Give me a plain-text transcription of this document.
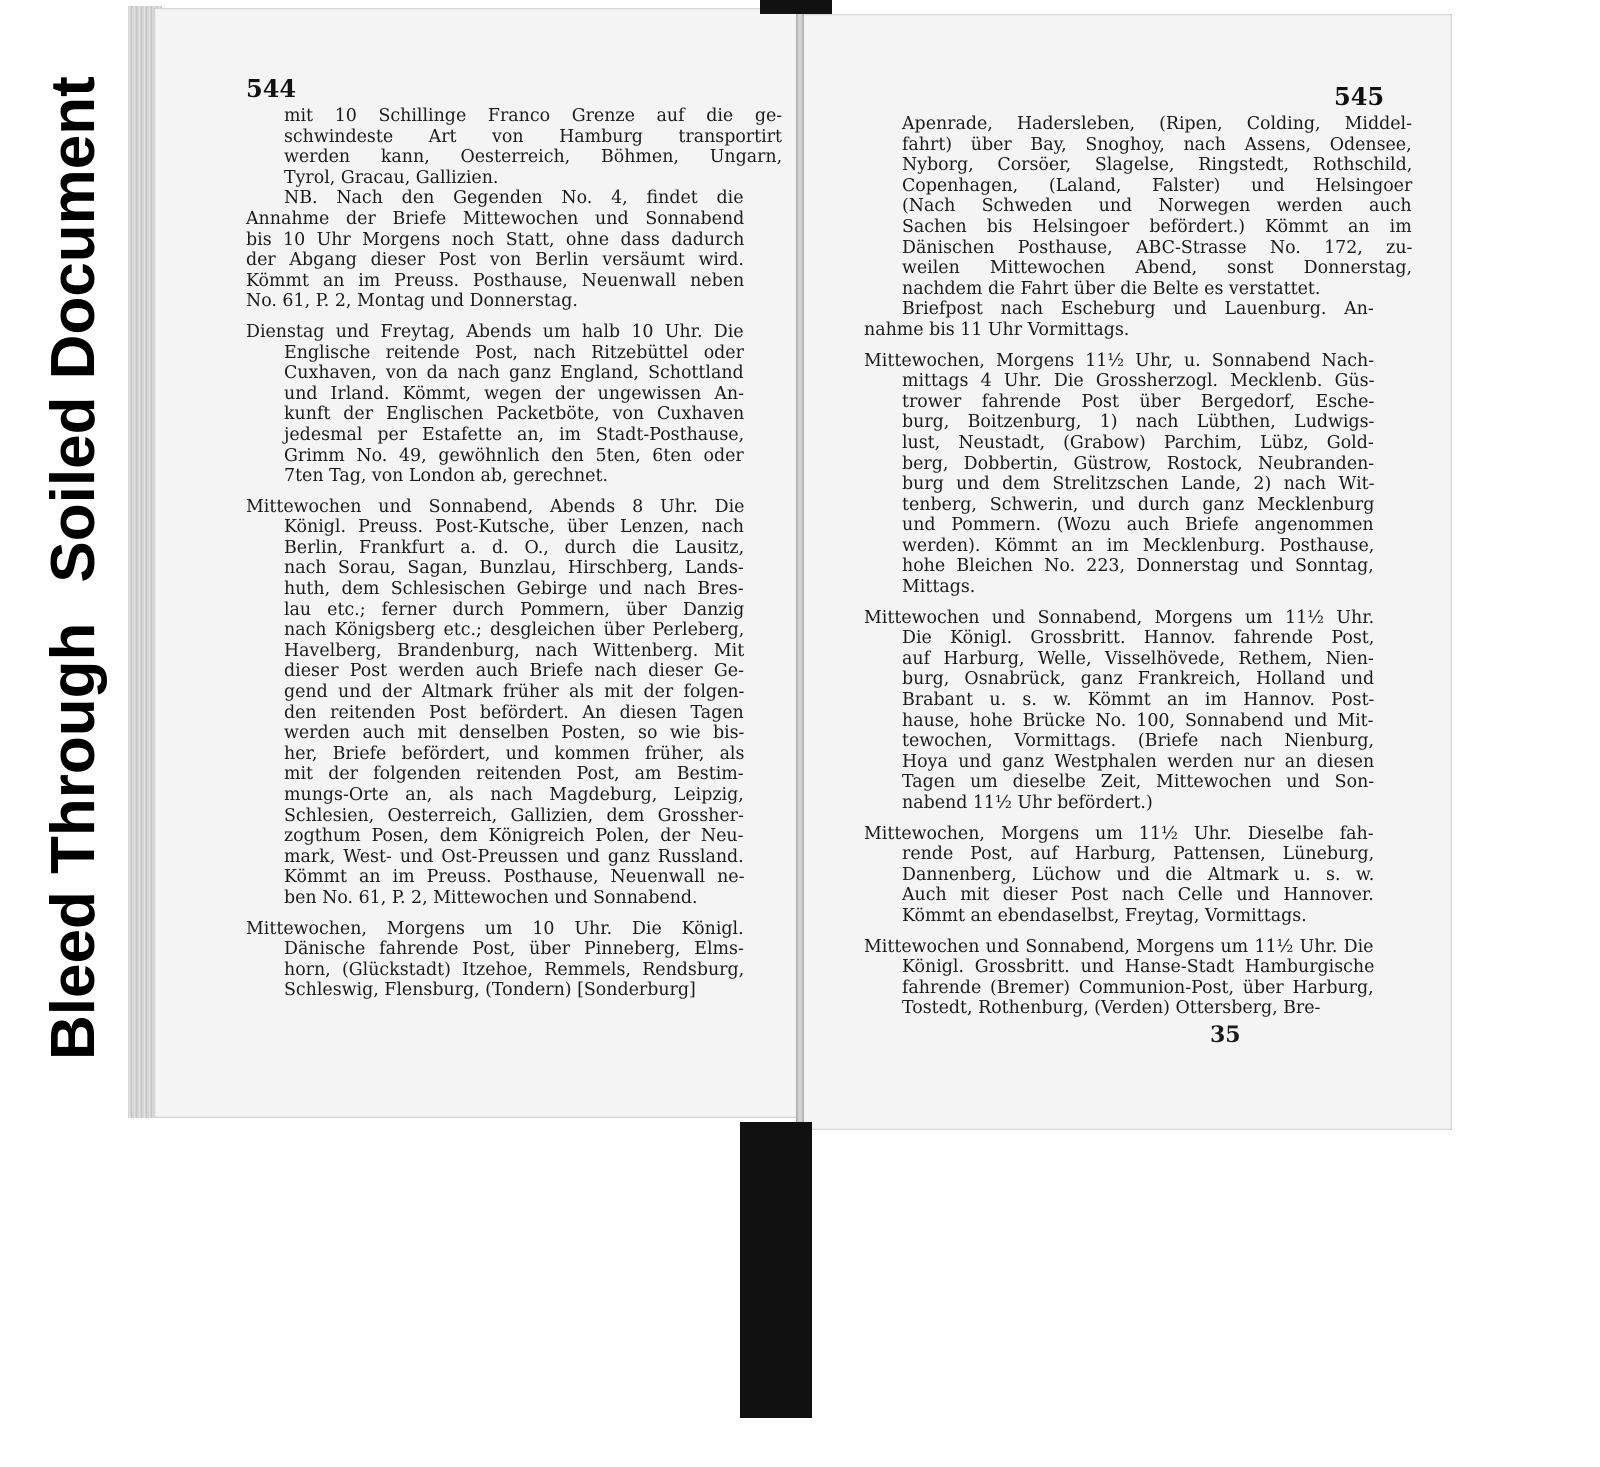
Bleed Through
Soiled Document	544	545
mit 10 Schillinge Franco Grenze auf die ge-
schwindeste Art von Hamburg transportirt
werden kann, Oesterreich, Böhmen, Ungarn,
Tyrol, Gracau, Gallizien.
NB. Nach den Gegenden No. 4, findet die
Annahme der Briefe Mittewochen und Sonnabend
bis 10 Uhr Morgens noch Statt, ohne dass dadurch
der Abgang dieser Post von Berlin versäumt wird.
Kömmt an im Preuss. Posthause, Neuenwall neben
No. 61, P. 2, Montag und Donnerstag.
Dienstag und Freytag, Abends um halb 10 Uhr. Die
Englische reitende Post, nach Ritzebüttel oder
Cuxhaven, von da nach ganz England, Schottland
und Irland. Kömmt, wegen der ungewissen An-
kunft der Englischen Packetböte, von Cuxhaven
jedesmal per Estafette an, im Stadt-Posthause,
Grimm No. 49, gewöhnlich den 5ten, 6ten oder
7ten Tag, von London ab, gerechnet.
Mittewochen und Sonnabend, Abends 8 Uhr. Die
Königl. Preuss. Post-Kutsche, über Lenzen, nach
Berlin, Frankfurt a. d. O., durch die Lausitz,
nach Sorau, Sagan, Bunzlau, Hirschberg, Lands-
huth, dem Schlesischen Gebirge und nach Bres-
lau etc.; ferner durch Pommern, über Danzig
nach Königsberg etc.; desgleichen über Perleberg,
Havelberg, Brandenburg, nach Wittenberg. Mit
dieser Post werden auch Briefe nach dieser Ge-
gend und der Altmark früher als mit der folgen-
den reitenden Post befördert. An diesen Tagen
werden auch mit denselben Posten, so wie bis-
her, Briefe befördert, und kommen früher, als
mit der folgenden reitenden Post, am Bestim-
mungs-Orte an, als nach Magdeburg, Leipzig,
Schlesien, Oesterreich, Gallizien, dem Grossher-
zogthum Posen, dem Königreich Polen, der Neu-
mark, West- und Ost-Preussen und ganz Russland.
Kömmt an im Preuss. Posthause, Neuenwall ne-
ben No. 61, P. 2, Mittewochen und Sonnabend.
Mittewochen, Morgens um 10 Uhr. Die Königl.
Dänische fahrende Post, über Pinneberg, Elms-
horn, (Glückstadt) Itzehoe, Remmels, Rendsburg,
Schleswig, Flensburg, (Tondern) [Sonderburg]
Apenrade, Hadersleben, (Ripen, Colding, Middel-
fahrt) über Bay, Snoghoy, nach Assens, Odensee,
Nyborg, Corsöer, Slagelse, Ringstedt, Rothschild,
Copenhagen, (Laland, Falster) und Helsingoer
(Nach Schweden und Norwegen werden auch
Sachen bis Helsingoer befördert.) Kömmt an im
Dänischen Posthause, ABC-Strasse No. 172, zu-
weilen Mittewochen Abend, sonst Donnerstag,
nachdem die Fahrt über die Belte es verstattet.
Briefpost nach Escheburg und Lauenburg. An-
nahme bis 11 Uhr Vormittags.
Mittewochen, Morgens 11½ Uhr, u. Sonnabend Nach-
mittags 4 Uhr. Die Grossherzogl. Mecklenb. Güs-
trower fahrende Post über Bergedorf, Esche-
burg, Boitzenburg, 1) nach Lübthen, Ludwigs-
lust, Neustadt, (Grabow) Parchim, Lübz, Gold-
berg, Dobbertin, Güstrow, Rostock, Neubranden-
burg und dem Strelitzschen Lande, 2) nach Wit-
tenberg, Schwerin, und durch ganz Mecklenburg
und Pommern. (Wozu auch Briefe angenommen
werden). Kömmt an im Mecklenburg. Posthause,
hohe Bleichen No. 223, Donnerstag und Sonntag,
Mittags.
Mittewochen und Sonnabend, Morgens um 11½ Uhr.
Die Königl. Grossbritt. Hannov. fahrende Post,
auf Harburg, Welle, Visselhövede, Rethem, Nien-
burg, Osnabrück, ganz Frankreich, Holland und
Brabant u. s. w. Kömmt an im Hannov. Post-
hause, hohe Brücke No. 100, Sonnabend und Mit-
tewochen, Vormittags. (Briefe nach Nienburg,
Hoya und ganz Westphalen werden nur an diesen
Tagen um dieselbe Zeit, Mittewochen und Son-
nabend 11½ Uhr befördert.)
Mittewochen, Morgens um 11½ Uhr. Dieselbe fah-
rende Post, auf Harburg, Pattensen, Lüneburg,
Dannenberg, Lüchow und die Altmark u. s. w.
Auch mit dieser Post nach Celle und Hannover.
Kömmt an ebendaselbst, Freytag, Vormittags.
Mittewochen und Sonnabend, Morgens um 11½ Uhr. Die
Königl. Grossbritt. und Hanse-Stadt Hamburgische
fahrende (Bremer) Communion-Post, über Harburg,
Tostedt, Rothenburg, (Verden) Ottersberg, Bre-
35
